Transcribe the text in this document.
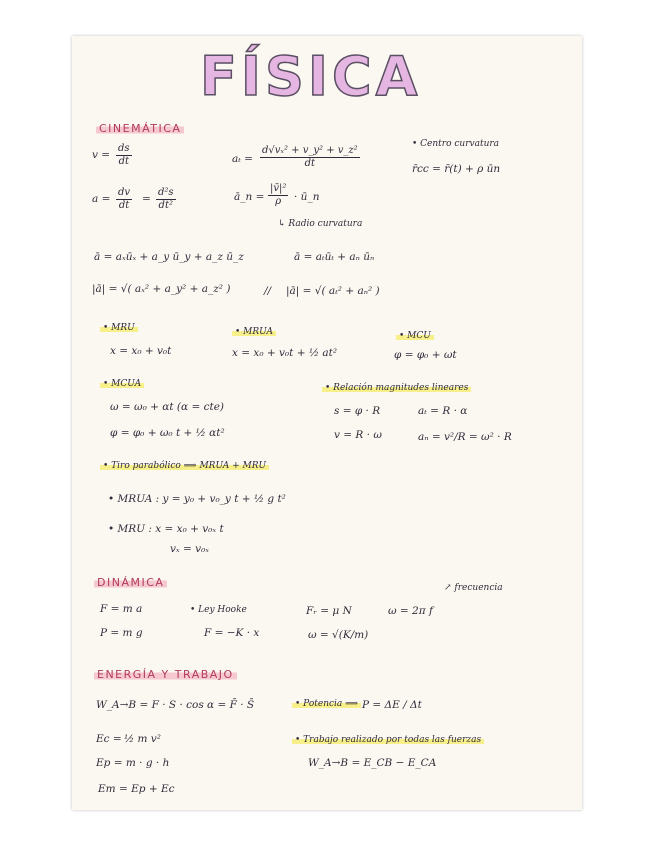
FÍSICA
CINEMÁTICA
$v = \frac{ds}{dt}$
$a = \frac{dv}{dt} = \frac{\text{d²s}}{\text{dt²}}$
$a_t = \frac{\text{d√vₓ² + v\_y² + v\_z²}}{dt}$
ā_n = $\frac{\text{|v̄|²}}{\rho}$ · ū_n
↳ Radio curvatura
• Centro curvatura
r̄cc = r̄(t) + ρ ūn
ā = aₓūₓ + a_y ū_y + a_z ū_z	ā = aₜūₜ + aₙ ūₙ
|ā| = √( aₓ² + a_y² + a_z² )	// |ā| = √( aₜ² + aₙ² )
• MRU
x = x₀ + v₀t
• MRUA
x = x₀ + v₀t + ½ at²
• MCU
φ = φ₀ + ωt
• MCUA
ω = ω₀ + αt (α = cte)
φ = φ₀ + ω₀ t + ½ αt²
• Relación magnitudes lineares
s = φ · R
v = R · ω
aₜ = R · α
aₙ = v²/R = ω² · R
• Tiro parabólico ⟹ MRUA + MRU
• MRUA : y = y₀ + v₀_y t + ½ g t²
• MRU : x = x₀ + v₀ₓ t
vₓ = v₀ₓ
DINÁMICA
F = m a
P = m g
• Ley Hooke
F = −K · x
Fᵣ = μ N
ω = √(K/m)
ω = 2π f
↗ frecuencia
ENERGÍA Y TRABAJO
W_A→B = F · S · cos α = F̄ · S̄
Ec = ½ m v²
Ep = m · g · h
Em = Ep + Ec
• Potencia ⟹ P = ΔE / Δt
• Trabajo realizado por todas las fuerzas
W_A→B = E_CB − E_CA
